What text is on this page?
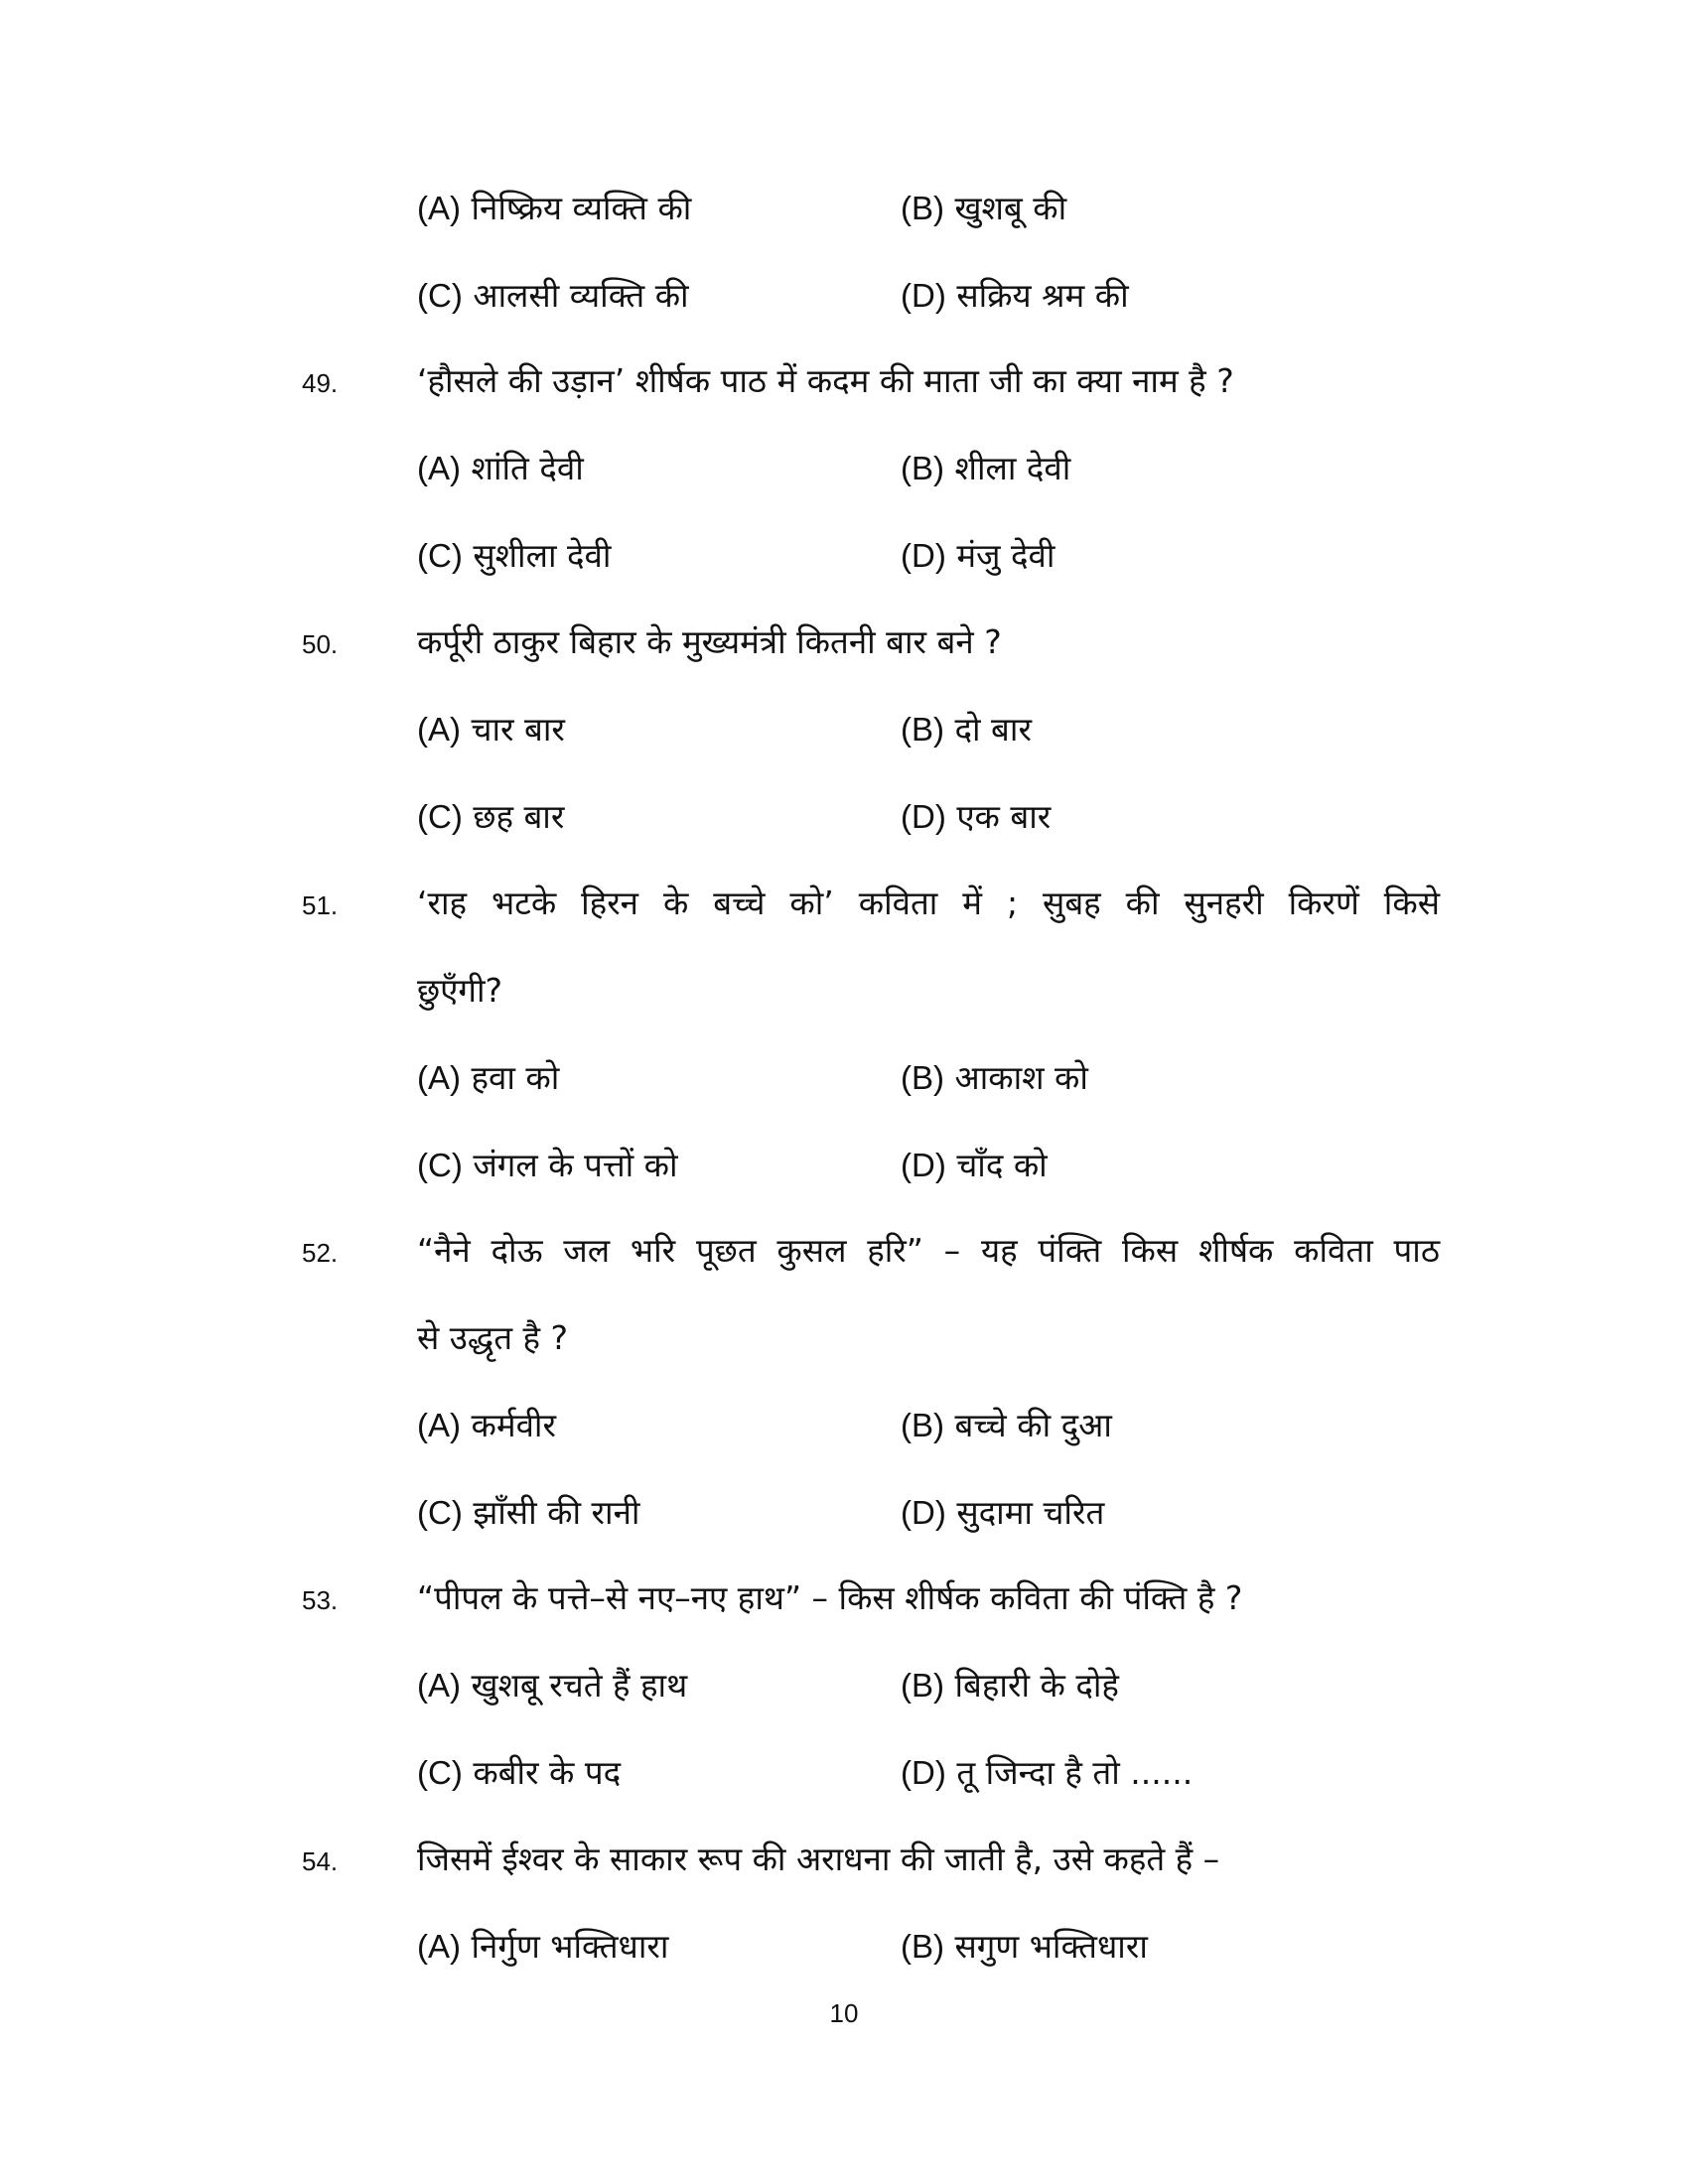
(A) निष्क्रिय व्यक्ति की	(B) खुशबू की
(C) आलसी व्यक्ति की	(D) सक्रिय श्रम की
49. ‘हौसले की उड़ान’ शीर्षक पाठ में कदम की माता जी का क्या नाम है ?
(A) शांति देवी	(B) शीला देवी
(C) सुशीला देवी	(D) मंजु देवी
50. कर्पूरी ठाकुर बिहार के मुख्यमंत्री कितनी बार बने ?
(A) चार बार	(B) दो बार
(C) छह बार	(D) एक बार
51. ‘राह भटके हिरन के बच्चे को’ कविता में ; सुबह की सुनहरी किरणें किसे
छुएँगी?
(A) हवा को	(B) आकाश को
(C) जंगल के पत्तों को	(D) चाँद को
52. “नैने दोऊ जल भरि पूछत कुसल हरि” – यह पंक्ति किस शीर्षक कविता पाठ
से उद्धृत है ?
(A) कर्मवीर	(B) बच्चे की दुआ
(C) झाँसी की रानी	(D) सुदामा चरित
53. “पीपल के पत्ते–से नए–नए हाथ” – किस शीर्षक कविता की पंक्ति है ?
(A) खुशबू रचते हैं हाथ	(B) बिहारी के दोहे
(C) कबीर के पद	(D) तू जिन्दा है तो ......
54. जिसमें ईश्वर के साकार रूप की अराधना की जाती है, उसे कहते हैं –
(A) निर्गुण भक्तिधारा	(B) सगुण भक्तिधारा
10
